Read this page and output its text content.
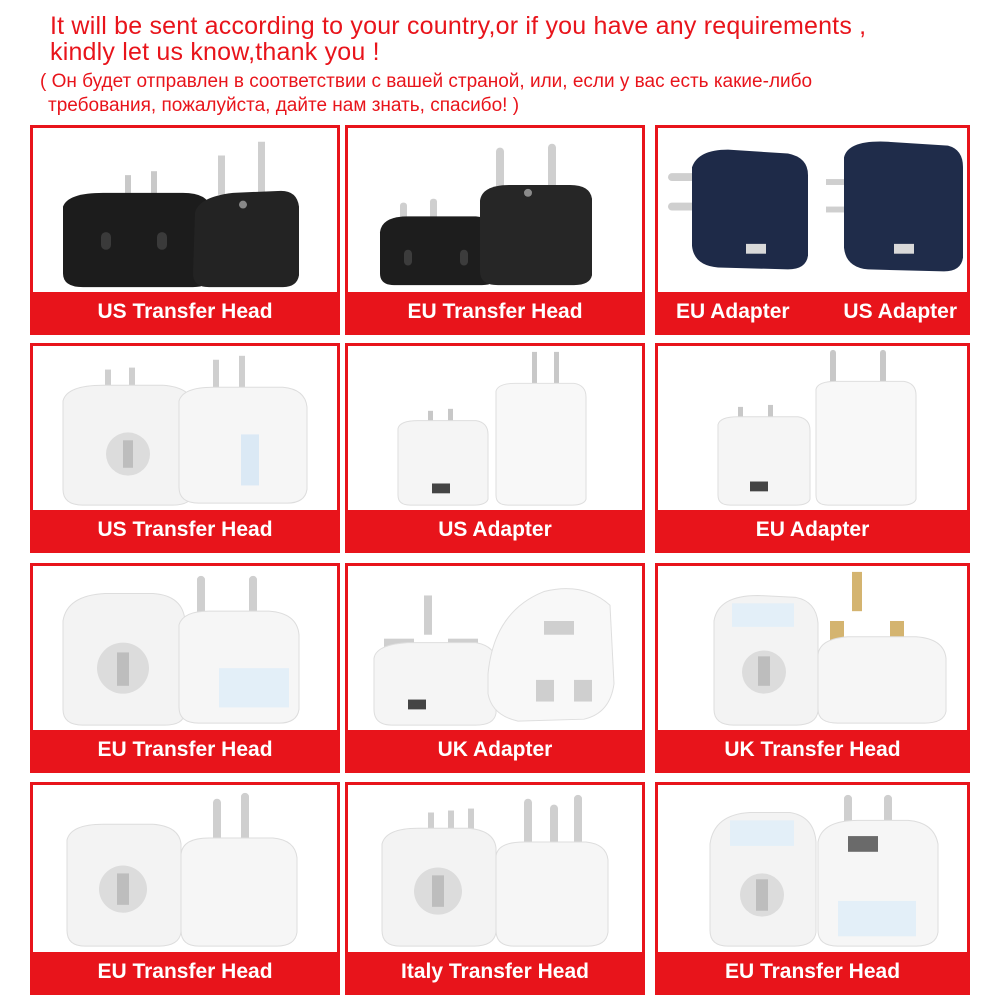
It will be sent according to your country,or if you have any requirements ,
kindly let us know,thank you !
( Он будет отправлен в соответствии с вашей страной, или, если у вас есть какие-либо
требования, пожалуйста, дайте нам знать, спасибо! )
US Transfer Head	EU Transfer Head	EU Adapter	US Adapter
US Transfer Head	US Adapter	EU Adapter
EU Transfer Head	UK Adapter	UK Transfer Head
EU Transfer Head	Italy Transfer Head	EU Transfer Head
